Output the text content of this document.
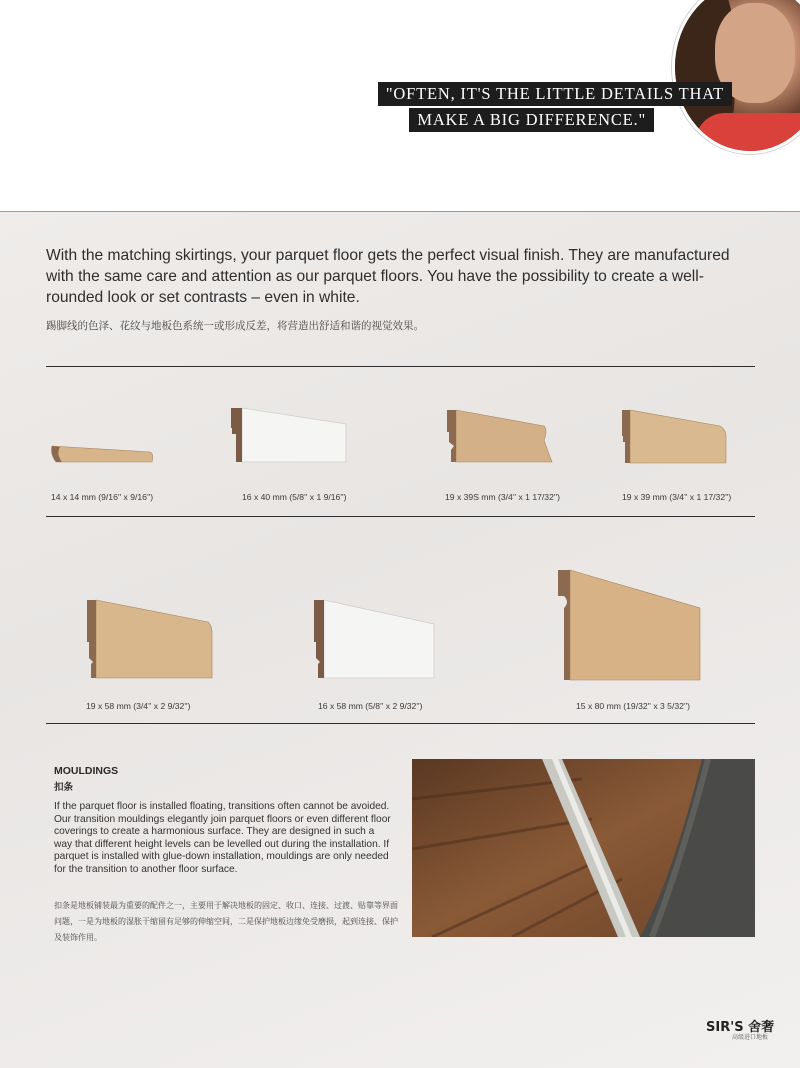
"OFTEN, IT'S THE LITTLE DETAILS THAT
MAKE A BIG DIFFERENCE."
With the matching skirtings, your parquet floor gets the perfect visual finish. They are manufactured with the same care and attention as our parquet floors. You have the possibility to create a well-rounded look or set contrasts – even in white.
踢脚线的色泽、花纹与地板色系统一或形成反差，将营造出舒适和谐的视觉效果。
14 x 14 mm (9/16'' x 9/16'')	16 x 40 mm (5/8'' x 1 9/16'')	19 x 39S mm (3/4'' x 1 17/32'')	19 x 39 mm (3/4'' x 1 17/32'')
19 x 58 mm (3/4'' x 2 9/32'')	16 x 58 mm (5/8'' x 2 9/32'')	15 x 80 mm (19/32'' x 3 5/32'')
MOULDINGS
扣条
If the parquet floor is installed floating, transitions often cannot be avoided. Our transition mouldings elegantly join parquet floors or even different floor coverings to create a harmonious surface. They are designed in such a way that different height levels can be levelled out during the installation. If parquet is installed with glue-down installation, mouldings are only needed for the transition to another floor surface.
扣条是地板铺装最为重要的配件之一，主要用于解决地板的固定、收口、连接、过渡、贴靠等界面问题，一是为地板的湿胀干缩留有足够的伸缩空间，二是保护地板边缘免受磨损，起到连接、保护及装饰作用。
SIR'S 舍奢
高级进口地板
